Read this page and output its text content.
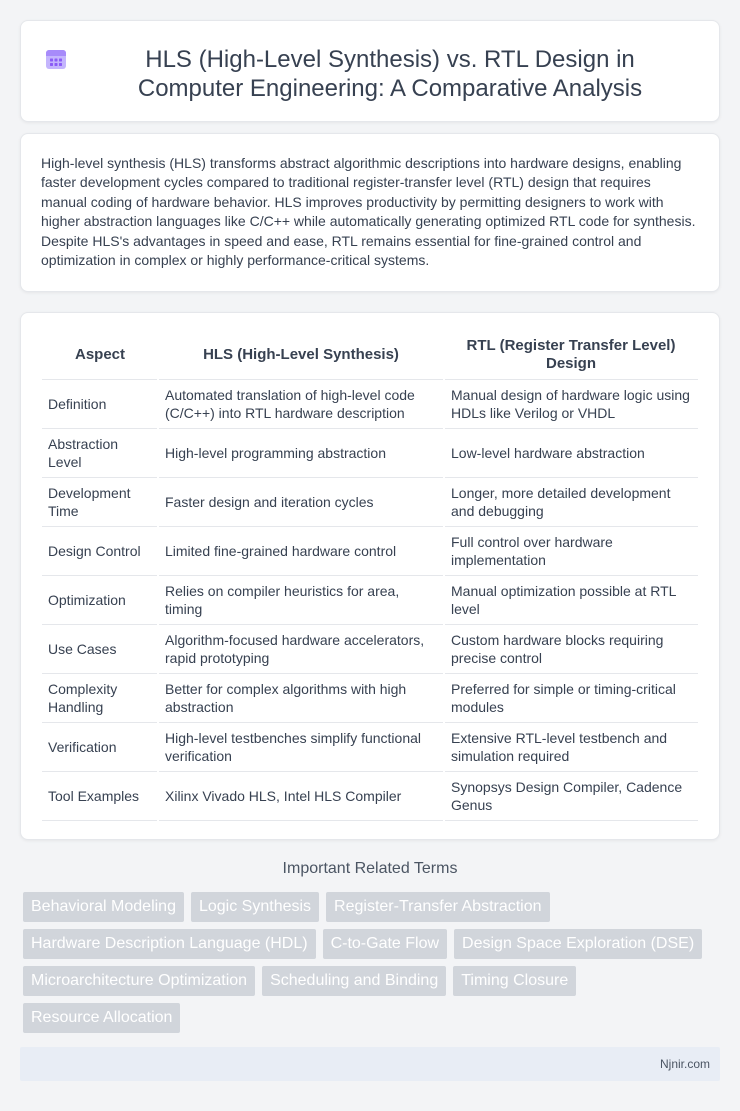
HLS (High-Level Synthesis) vs. RTL Design in Computer Engineering: A Comparative Analysis

High-level synthesis (HLS) transforms abstract algorithmic descriptions into hardware designs, enabling faster development cycles compared to traditional register-transfer level (RTL) design that requires manual coding of hardware behavior. HLS improves productivity by permitting designers to work with higher abstraction languages like C/C++ while automatically generating optimized RTL code for synthesis. Despite HLS's advantages in speed and ease, RTL remains essential for fine-grained control and optimization in complex or highly performance-critical systems.

Aspect	HLS (High-Level Synthesis)	RTL (Register Transfer Level) Design
Definition	Automated translation of high-level code (C/C++) into RTL hardware description	Manual design of hardware logic using HDLs like Verilog or VHDL
Abstraction Level	High-level programming abstraction	Low-level hardware abstraction
Development Time	Faster design and iteration cycles	Longer, more detailed development and debugging
Design Control	Limited fine-grained hardware control	Full control over hardware implementation
Optimization	Relies on compiler heuristics for area, timing	Manual optimization possible at RTL level
Use Cases	Algorithm-focused hardware accelerators, rapid prototyping	Custom hardware blocks requiring precise control
Complexity Handling	Better for complex algorithms with high abstraction	Preferred for simple or timing-critical modules
Verification	High-level testbenches simplify functional verification	Extensive RTL-level testbench and simulation required
Tool Examples	Xilinx Vivado HLS, Intel HLS Compiler	Synopsys Design Compiler, Cadence Genus
Important Related Terms
Behavioral Modeling	Logic Synthesis	Register-Transfer Abstraction
Hardware Description Language (HDL)	C-to-Gate Flow	Design Space Exploration (DSE)
Microarchitecture Optimization	Scheduling and Binding	Timing Closure
Resource Allocation
Njnir.com
